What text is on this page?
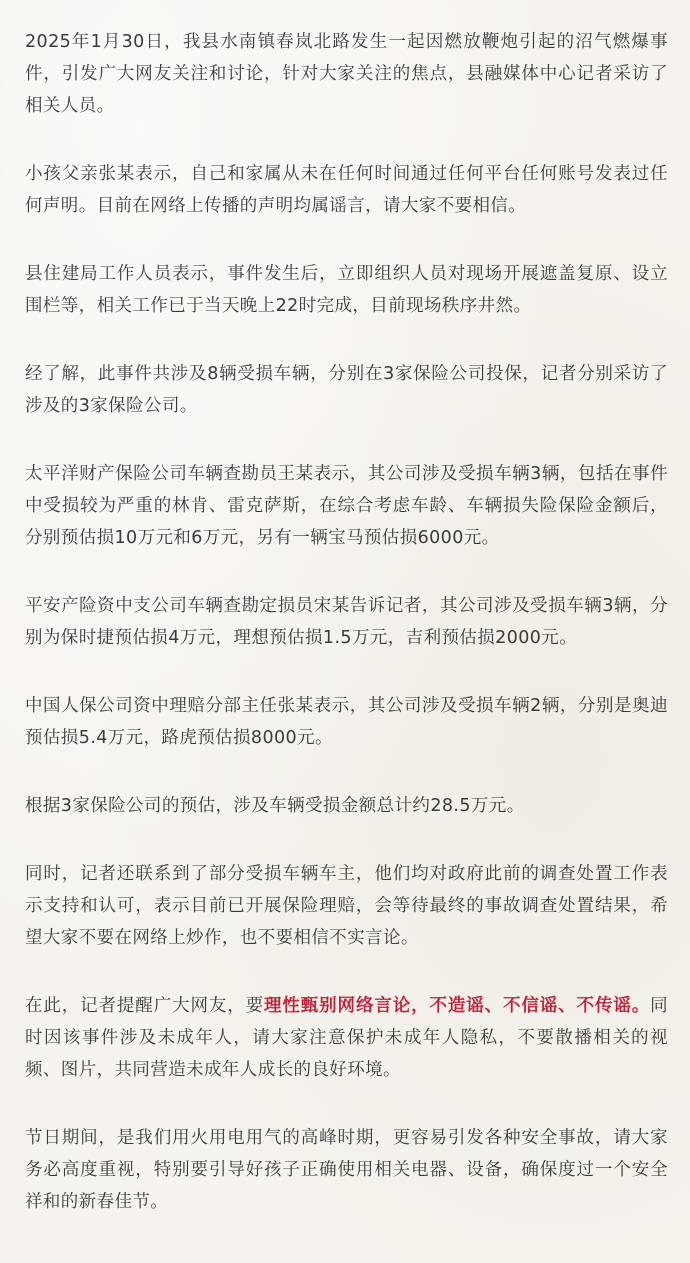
2025年1月30日，我县水南镇春岚北路发生一起因燃放鞭炮引起的沼气燃爆事件，引发广大网友关注和讨论，针对大家关注的焦点，县融媒体中心记者采访了相关人员。

小孩父亲张某表示，自己和家属从未在任何时间通过任何平台任何账号发表过任何声明。目前在网络上传播的声明均属谣言，请大家不要相信。

县住建局工作人员表示，事件发生后，立即组织人员对现场开展遮盖复原、设立围栏等，相关工作已于当天晚上22时完成，目前现场秩序井然。

经了解，此事件共涉及8辆受损车辆，分别在3家保险公司投保，记者分别采访了涉及的3家保险公司。

太平洋财产保险公司车辆查勘员王某表示，其公司涉及受损车辆3辆，包括在事件中受损较为严重的林肯、雷克萨斯，在综合考虑车龄、车辆损失险保险金额后，分别预估损10万元和6万元，另有一辆宝马预估损6000元。

平安产险资中支公司车辆查勘定损员宋某告诉记者，其公司涉及受损车辆3辆，分别为保时捷预估损4万元，理想预估损1.5万元，吉利预估损2000元。

中国人保公司资中理赔分部主任张某表示，其公司涉及受损车辆2辆，分别是奥迪预估损5.4万元，路虎预估损8000元。

根据3家保险公司的预估，涉及车辆受损金额总计约28.5万元。

同时，记者还联系到了部分受损车辆车主，他们均对政府此前的调查处置工作表示支持和认可，表示目前已开展保险理赔，会等待最终的事故调查处置结果，希望大家不要在网络上炒作，也不要相信不实言论。

在此，记者提醒广大网友，要理性甄别网络言论，不造谣、不信谣、不传谣。同时因该事件涉及未成年人，请大家注意保护未成年人隐私，不要散播相关的视频、图片，共同营造未成年人成长的良好环境。

节日期间，是我们用火用电用气的高峰时期，更容易引发各种安全事故，请大家务必高度重视，特别要引导好孩子正确使用相关电器、设备，确保度过一个安全祥和的新春佳节。
